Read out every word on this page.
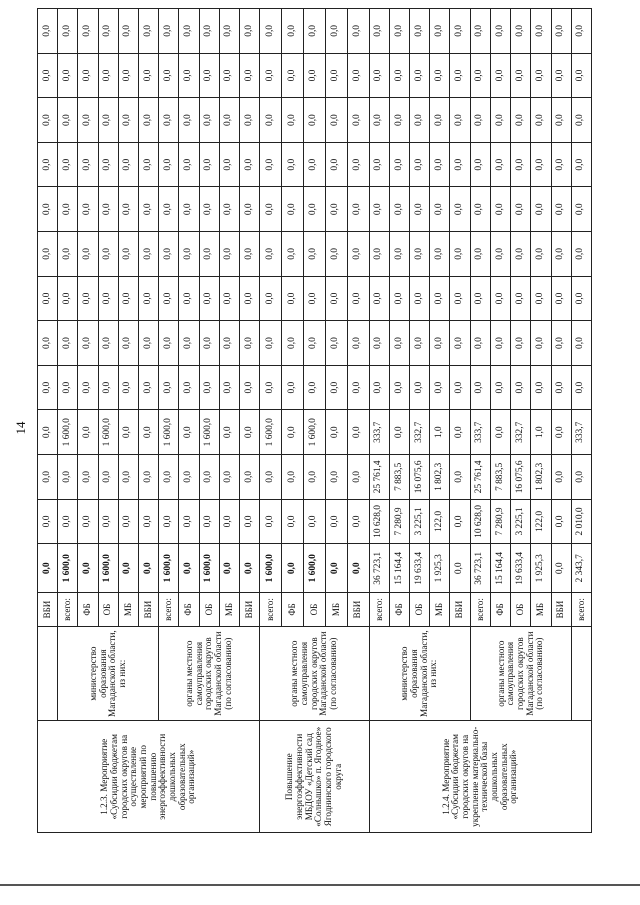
14
1.2.3. Мероприятие «Субсидии бюджетам городских округов на осуществление мероприятий по повышению энергоэффективности дошкольных образовательных организаций»		ВБИ	0,0	0,0	0,0	0,0	0,0	0,0	0,0	0,0	0,0	0,0	0,0	0,0	0,0
	министерство образования Магаданской области, из них:	всего:	1 600,0	0,0	0,0	1 600,0	0,0	0,0	0,0	0,0	0,0	0,0	0,0	0,0	0,0
		ФБ	0,0	0,0	0,0	0,0	0,0	0,0	0,0	0,0	0,0	0,0	0,0	0,0	0,0
		ОБ	1 600,0	0,0	0,0	1 600,0	0,0	0,0	0,0	0,0	0,0	0,0	0,0	0,0	0,0
		МБ	0,0	0,0	0,0	0,0	0,0	0,0	0,0	0,0	0,0	0,0	0,0	0,0	0,0
		ВБИ	0,0	0,0	0,0	0,0	0,0	0,0	0,0	0,0	0,0	0,0	0,0	0,0	0,0
	органы местного самоуправления городских округов Магаданской области (по согласованию)	всего:	1 600,0	0,0	0,0	1 600,0	0,0	0,0	0,0	0,0	0,0	0,0	0,0	0,0	0,0
		ФБ	0,0	0,0	0,0	0,0	0,0	0,0	0,0	0,0	0,0	0,0	0,0	0,0	0,0
		ОБ	1 600,0	0,0	0,0	1 600,0	0,0	0,0	0,0	0,0	0,0	0,0	0,0	0,0	0,0
		МБ	0,0	0,0	0,0	0,0	0,0	0,0	0,0	0,0	0,0	0,0	0,0	0,0	0,0
		ВБИ	0,0	0,0	0,0	0,0	0,0	0,0	0,0	0,0	0,0	0,0	0,0	0,0	0,0
Повышение энергоэффективности МБДОУ «Детский сад «Солнышко» п. Ягодное» Ягоднинского городского округа	органы местного самоуправления городских округов Магаданской области (по согласованию)	всего:	1 600,0	0,0	0,0	1 600,0	0,0	0,0	0,0	0,0	0,0	0,0	0,0	0,0	0,0
		ФБ	0,0	0,0	0,0	0,0	0,0	0,0	0,0	0,0	0,0	0,0	0,0	0,0	0,0
		ОБ	1 600,0	0,0	0,0	1 600,0	0,0	0,0	0,0	0,0	0,0	0,0	0,0	0,0	0,0
		МБ	0,0	0,0	0,0	0,0	0,0	0,0	0,0	0,0	0,0	0,0	0,0	0,0	0,0
		ВБИ	0,0	0,0	0,0	0,0	0,0	0,0	0,0	0,0	0,0	0,0	0,0	0,0	0,0
1.2.4. Мероприятие «Субсидии бюджетам городских округов на укрепление материально-технической базы дошкольных образовательных организаций»	министерство образования Магаданской области, из них:	всего:	36 723,1	10 628,0	25 761,4	333,7	0,0	0,0	0,0	0,0	0,0	0,0	0,0	0,0	0,0
		ФБ	15 164,4	7 280,9	7 883,5	0,0	0,0	0,0	0,0	0,0	0,0	0,0	0,0	0,0	0,0
		ОБ	19 633,4	3 225,1	16 075,6	332,7	0,0	0,0	0,0	0,0	0,0	0,0	0,0	0,0	0,0
		МБ	1 925,3	122,0	1 802,3	1,0	0,0	0,0	0,0	0,0	0,0	0,0	0,0	0,0	0,0
		ВБИ	0,0	0,0	0,0	0,0	0,0	0,0	0,0	0,0	0,0	0,0	0,0	0,0	0,0
	органы местного самоуправления городских округов Магаданской области (по согласованию)	всего:	36 723,1	10 628,0	25 761,4	333,7	0,0	0,0	0,0	0,0	0,0	0,0	0,0	0,0	0,0
		ФБ	15 164,4	7 280,9	7 883,5	0,0	0,0	0,0	0,0	0,0	0,0	0,0	0,0	0,0	0,0
		ОБ	19 633,4	3 225,1	16 075,6	332,7	0,0	0,0	0,0	0,0	0,0	0,0	0,0	0,0	0,0
		МБ	1 925,3	122,0	1 802,3	1,0	0,0	0,0	0,0	0,0	0,0	0,0	0,0	0,0	0,0
		ВБИ	0,0	0,0	0,0	0,0	0,0	0,0	0,0	0,0	0,0	0,0	0,0	0,0	0,0
		всего:	2 343,7	2 010,0	0,0	333,7	0,0	0,0	0,0	0,0	0,0	0,0	0,0	0,0	0,0
